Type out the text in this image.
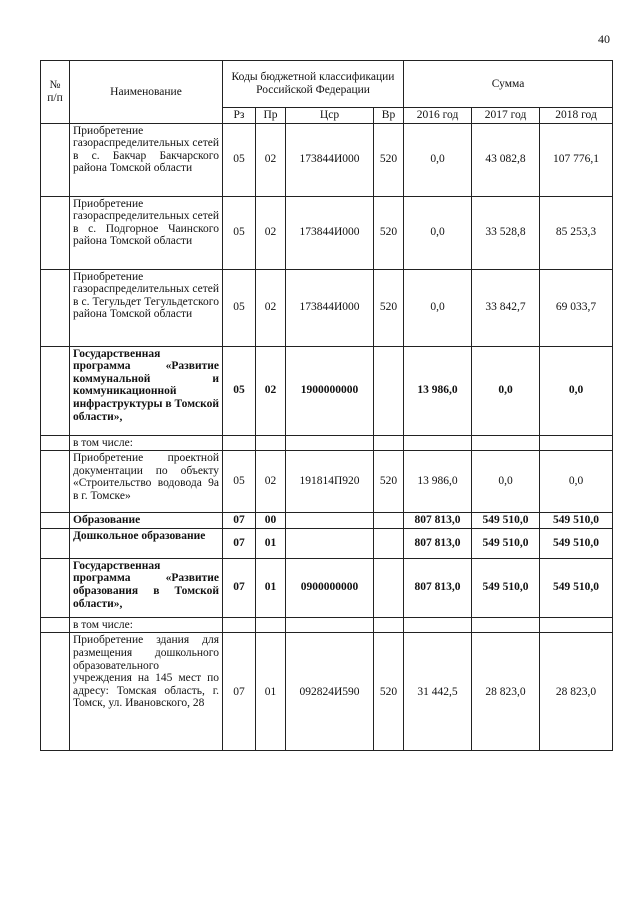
40
№ п/п	Наименование	Коды бюджетной классификации Российской Федерации				Сумма		
		Рз	Пр	Цср	Вр	2016 год	2017 год	2018 год
	Приобретение газораспределительных сетей в с. Бакчар Бакчарского района Томской области	05	02	173844И000	520	0,0	43 082,8	107 776,1
	Приобретение газораспределительных сетей в с. Подгорное Чаинского района Томской области	05	02	173844И000	520	0,0	33 528,8	85 253,3
	Приобретение газораспределительных сетей в с. Тегульдет Тегульдетского района Томской области	05	02	173844И000	520	0,0	33 842,7	69 033,7
	Государственная программа «Развитие коммунальной и коммуникационной инфраструктуры в Томской области»,	05	02	1900000000		13 986,0	0,0	0,0
	в том числе:							
	Приобретение проектной документации по объекту «Строительство водовода 9а в г. Томске»	05	02	191814П920	520	13 986,0	0,0	0,0
	Образование	07	00			807 813,0	549 510,0	549 510,0
	Дошкольное образование	07	01			807 813,0	549 510,0	549 510,0
	Государственная программа «Развитие образования в Томской области»,	07	01	0900000000		807 813,0	549 510,0	549 510,0
	в том числе:							
	Приобретение здания для размещения дошкольного образовательного учреждения на 145 мест по адресу: Томская область, г. Томск, ул. Ивановского, 28	07	01	092824И590	520	31 442,5	28 823,0	28 823,0
